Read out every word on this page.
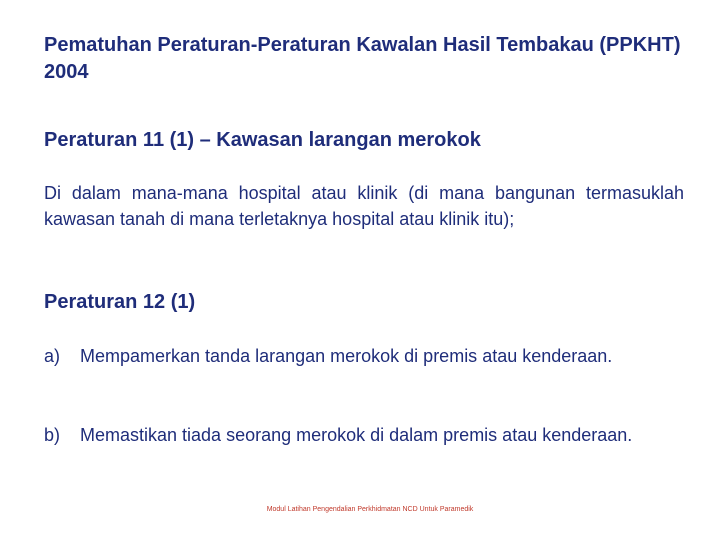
Pematuhan Peraturan-Peraturan Kawalan Hasil Tembakau (PPKHT) 2004
Peraturan 11 (1) – Kawasan larangan merokok
Di dalam mana-mana hospital atau klinik (di mana bangunan termasuklah kawasan tanah di mana terletaknya hospital atau klinik itu);
Peraturan 12 (1)
a) Mempamerkan tanda larangan merokok di premis atau kenderaan.
b) Memastikan tiada seorang merokok di dalam premis atau kenderaan.
Modul Latihan Pengendalian Perkhidmatan NCD Untuk Paramedik
